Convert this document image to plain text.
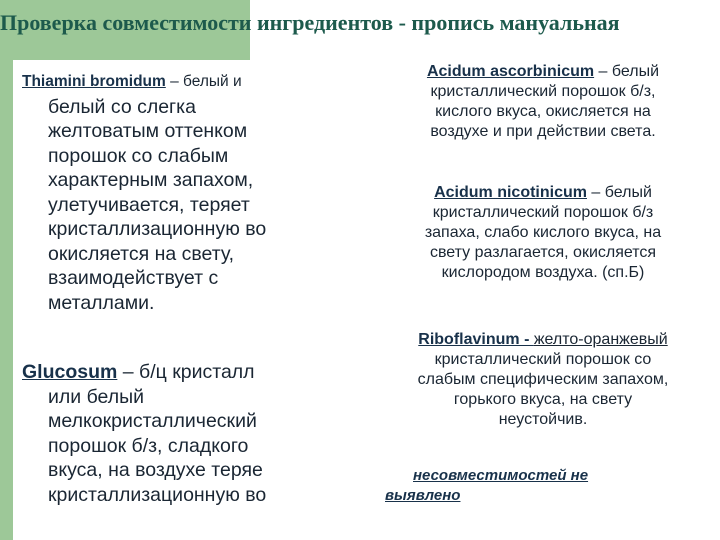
Проверка совместимости ингредиентов - пропись мануальная
Thiamini bromidum – белый и
белый со слегка
желтоватым оттенком
порошок со слабым
характерным запахом,
улетучивается, теряет
кристаллизационную во
окисляется на свету,
взаимодействует с
металлами.
Glucosum – б/ц кристалл
или белый
мелкокристаллический
порошок б/з, сладкого
вкуса, на воздухе теряе
кристаллизационную во
Acidum ascorbinicum – белый
кристаллический порошок б/з,
кислого вкуса, окисляется на
воздухе и при действии света.
Acidum nicotinicum – белый
кристаллический порошок б/з
запаха, слабо кислого вкуса, на
свету разлагается, окисляется
кислородом воздуха. (сп.Б)
Riboflavinum - желто-оранжевый
кристаллический порошок со
слабым специфическим запахом,
горького вкуса, на свету
неустойчив.
несовместимостей не
выявлено
